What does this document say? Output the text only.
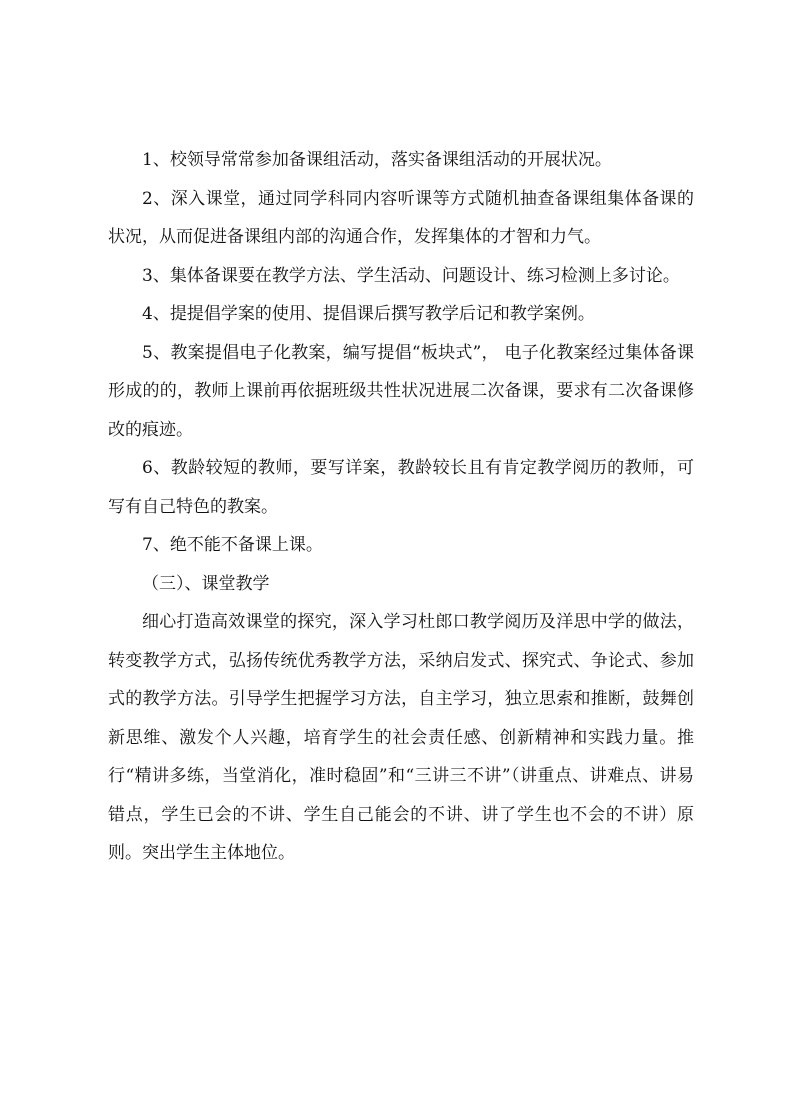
1、校领导常常参加备课组活动，落实备课组活动的开展状况。

2、深入课堂，通过同学科同内容听课等方式随机抽查备课组集体备课的状况，从而促进备课组内部的沟通合作，发挥集体的才智和力气。

3、集体备课要在教学方法、学生活动、问题设计、练习检测上多讨论。

4、提提倡学案的使用、提倡课后撰写教学后记和教学案例。

5、教案提倡电子化教案，编写提倡“板块式”， 电子化教案经过集体备课形成的的，教师上课前再依据班级共性状况进展二次备课，要求有二次备课修改的痕迹。

6、教龄较短的教师，要写详案，教龄较长且有肯定教学阅历的教师，可写有自己特色的教案。

7、绝不能不备课上课。

（三）、课堂教学

细心打造高效课堂的探究，深入学习杜郎口教学阅历及洋思中学的做法，转变教学方式，弘扬传统优秀教学方法，采纳启发式、探究式、争论式、参加式的教学方法。引导学生把握学习方法，自主学习，独立思索和推断，鼓舞创新思维、激发个人兴趣，培育学生的社会责任感、创新精神和实践力量。推行“精讲多练，当堂消化，准时稳固”和“三讲三不讲”（讲重点、讲难点、讲易错点，学生已会的不讲、学生自己能会的不讲、讲了学生也不会的不讲）原则。突出学生主体地位。
